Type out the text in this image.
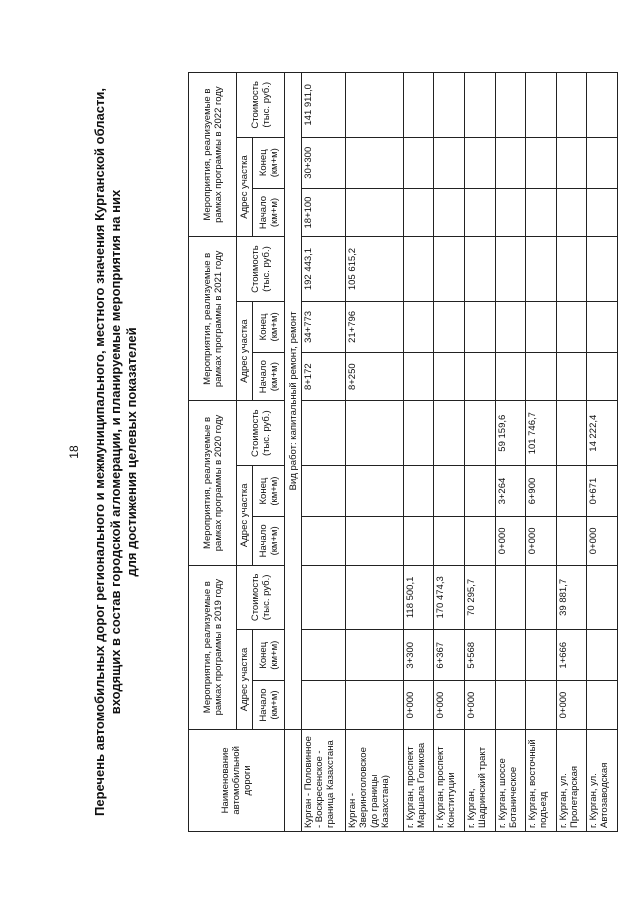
18 Перечень автомобильных дорог регионального и межмуниципального, местного значения Курганской области, входящих в состав городской агломерации, и планируемые мероприятия на них для достижения целевых показателей
Наименование автомобильной дороги	Мероприятия, реализуемые в рамках программы в 2019 году			Мероприятия, реализуемые в рамках программы в 2020 году			Мероприятия, реализуемые в рамках программы в 2021 году			Мероприятия, реализуемые в рамках программы в 2022 году		
	Адрес участка		Стоимость (тыс. руб.)	Адрес участка		Стоимость (тыс. руб.)	Адрес участка		Стоимость (тыс. руб.)	Адрес участка		Стоимость (тыс. руб.)
	Начало (км+м)	Конец (км+м)		Начало (км+м)	Конец (км+м)		Начало (км+м)	Конец (км+м)		Начало (км+м)	Конец (км+м)	
	Вид работ: капитальный ремонт, ремонт											
Курган - Половинное - Воскресенское - граница Казахстана							8+172	34+773	192 443,1	18+100	30+300	141 911,0
Курган - Звериноголовское (до границы Казахстана)							8+250	21+796	105 615,2			
г. Курган, проспект Маршала Голикова	0+000	3+300	118 500,1									
г. Курган, проспект Конституции	0+000	6+367	170 474,3									
г. Курган, Шадринский тракт	0+000	5+568	70 295,7									
г. Курган, шоссе Ботаническое				0+000	3+264	59 159,6						
г. Курган, восточный подъезд				0+000	6+900	101 746,7						
г. Курган, ул. Пролетарская	0+000	1+666	39 881,7									
г. Курган, ул. Автозаводская				0+000	0+671	14 222,4						
